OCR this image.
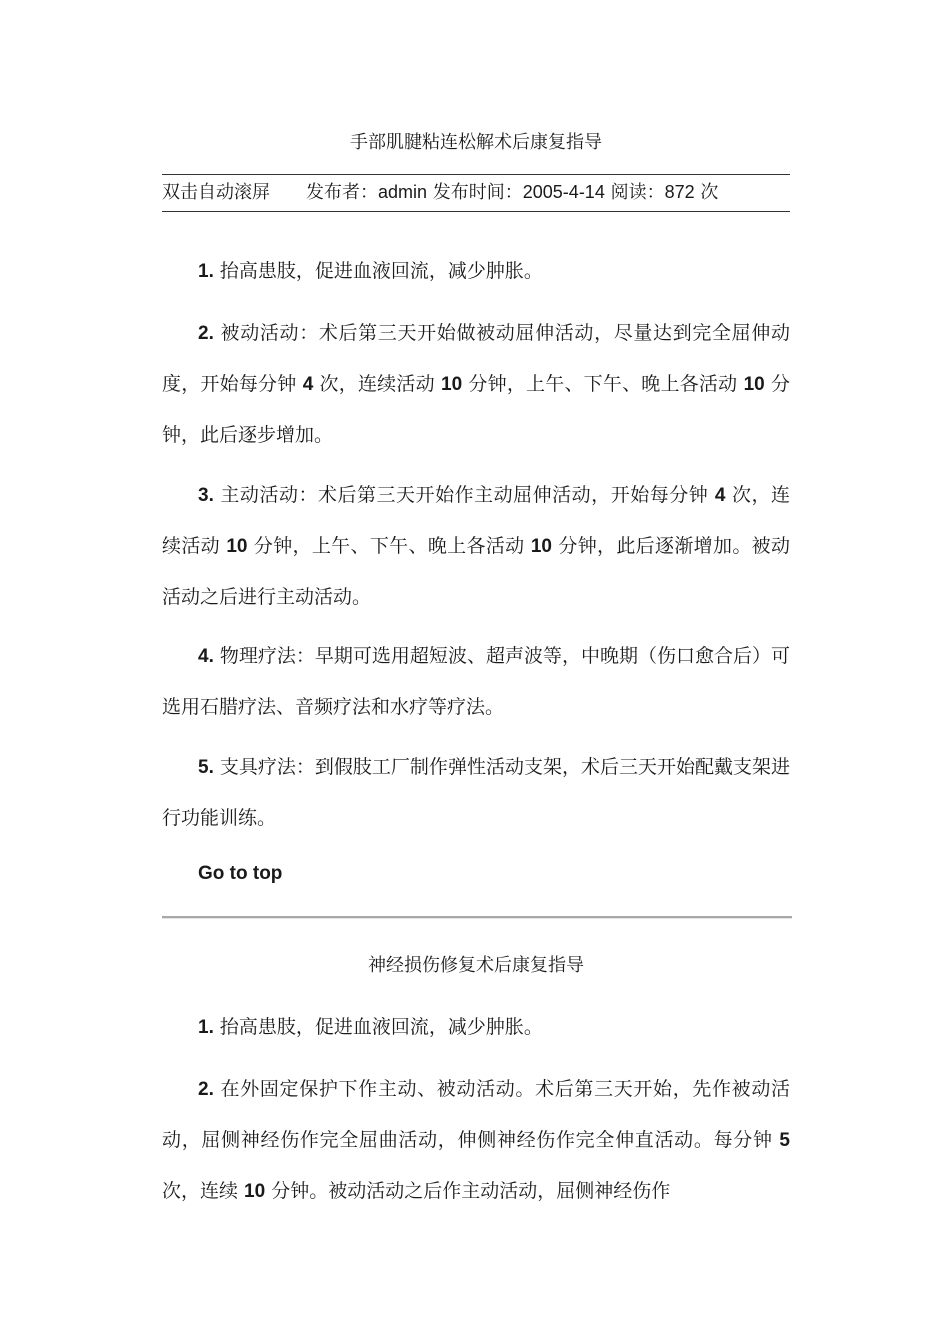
手部肌腱粘连松解术后康复指导
双击自动滚屏 发布者：admin 发布时间：2005-4-14 阅读：872 次

1. 抬高患肢，促进血液回流，减少肿胀。

2. 被动活动：术后第三天开始做被动屈伸活动，尽量达到完全屈伸动度，开始每分钟 4 次，连续活动 10 分钟，上午、下午、晚上各活动 10 分钟，此后逐步增加。

3. 主动活动：术后第三天开始作主动屈伸活动，开始每分钟 4 次，连续活动 10 分钟，上午、下午、晚上各活动 10 分钟，此后逐渐增加。被动活动之后进行主动活动。

4. 物理疗法：早期可选用超短波、超声波等，中晚期（伤口愈合后）可选用石腊疗法、音频疗法和水疗等疗法。

5. 支具疗法：到假肢工厂制作弹性活动支架，术后三天开始配戴支架进行功能训练。

Go to top
神经损伤修复术后康复指导

1. 抬高患肢，促进血液回流，减少肿胀。

2. 在外固定保护下作主动、被动活动。术后第三天开始，先作被动活动，屈侧神经伤作完全屈曲活动，伸侧神经伤作完全伸直活动。每分钟 5 次，连续 10 分钟。被动活动之后作主动活动，屈侧神经伤作
